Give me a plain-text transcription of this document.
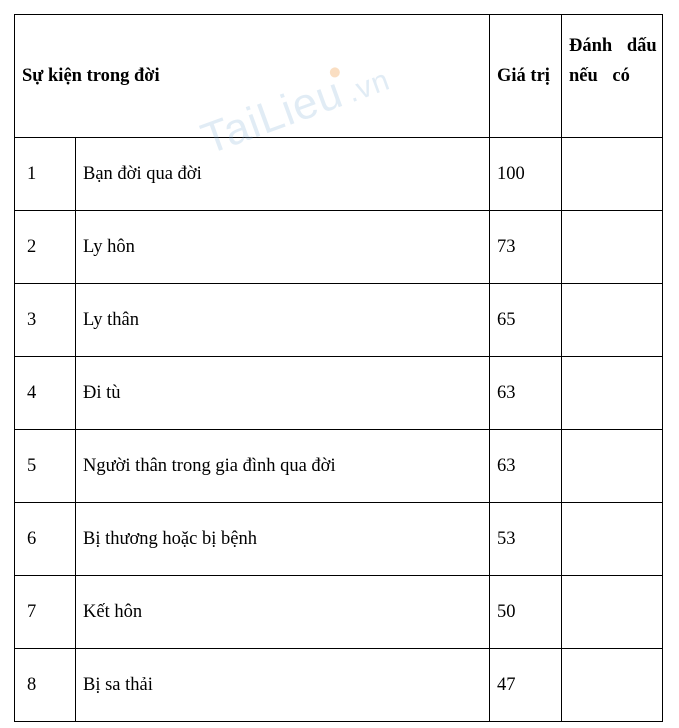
Sự kiện trong đời		Giá trị	Đánh dấu nếu có
1	Bạn đời qua đời	100	
2	Ly hôn	73	
3	Ly thân	65	
4	Đi tù	63	
5	Người thân trong gia đình qua đời	63	
6	Bị thương hoặc bị bệnh	53	
7	Kết hôn	50	
8	Bị sa thải	47	
TaiLieu.vn
